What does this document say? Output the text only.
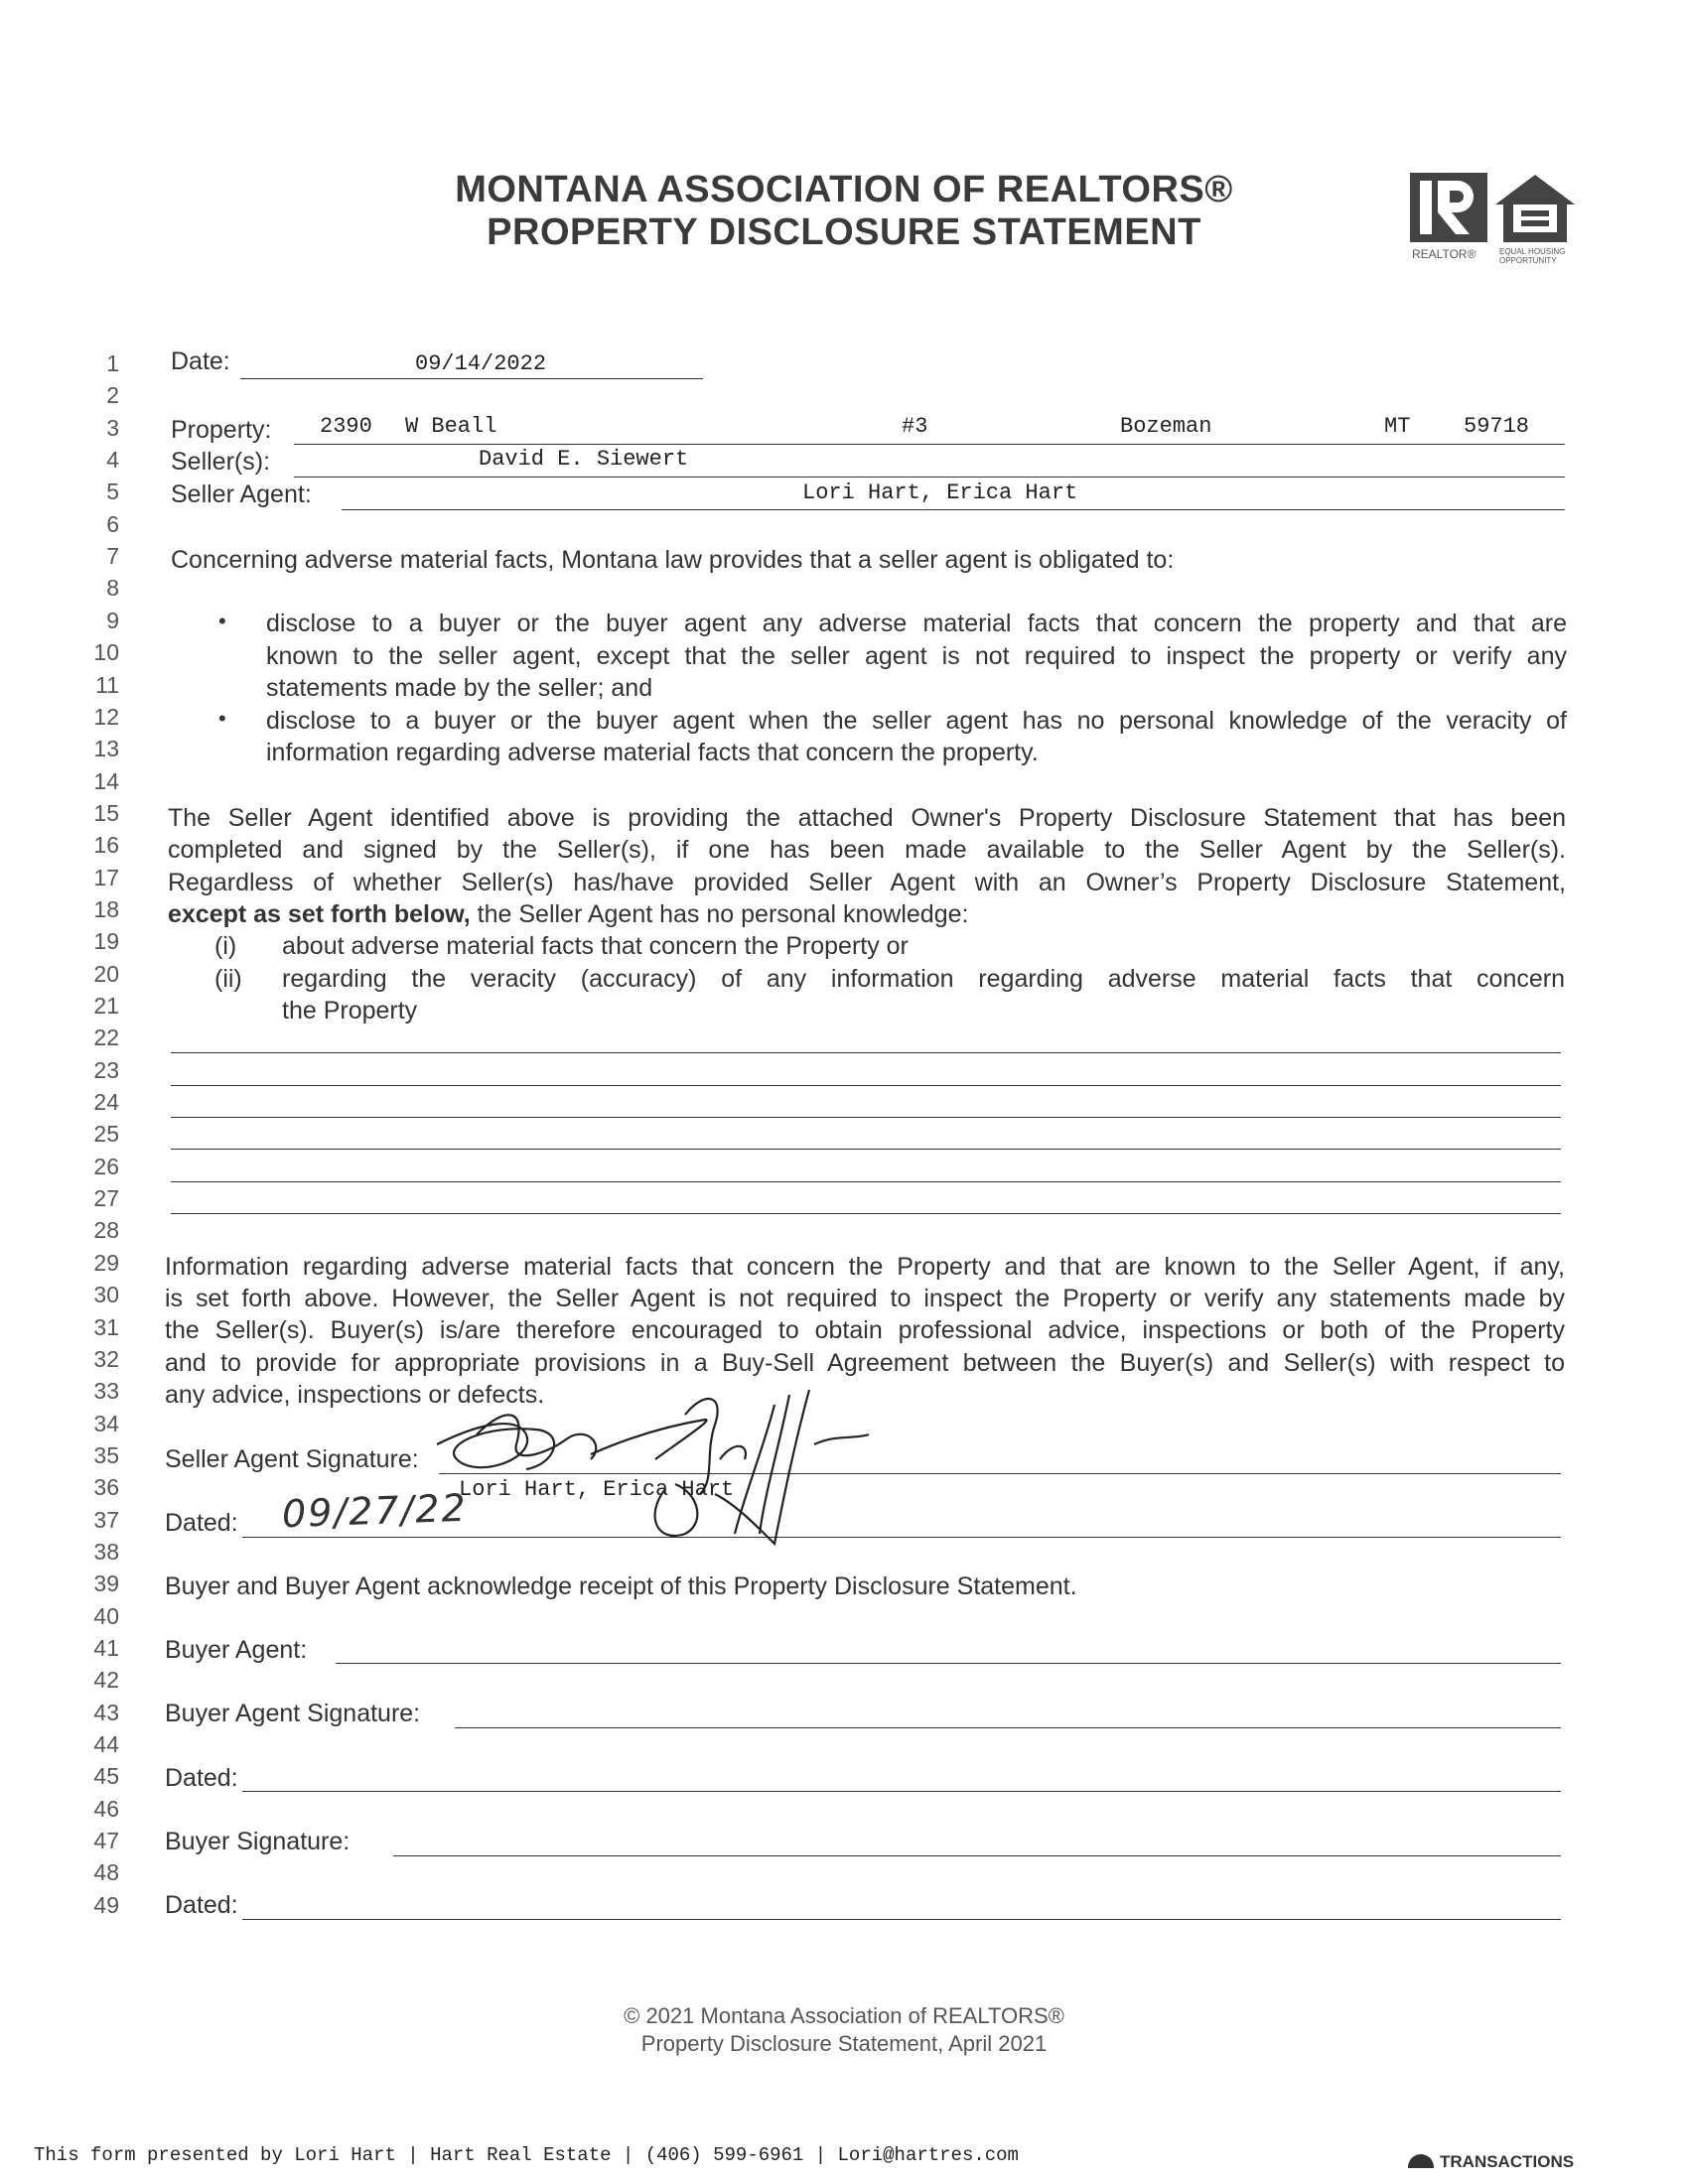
MONTANA ASSOCIATION OF REALTORS®
PROPERTY DISCLOSURE STATEMENT
REALTOR®	EQUAL HOUSING
OPPORTUNITY
1
2
3
4
5
6
7
8
9
10
11
12
13
14
15
16
17
18
19
20
21
22
23
24
25
26
27
28
29
30
31
32
33
34
35
36
37
38
39
40
41
42
43
44
45
46
47
48
49
Date:	09/14/2022
Property: 2390 W Beall	#3	Bozeman	MT 59718
Seller(s):	David E. Siewert
Seller Agent:	Lori Hart, Erica Hart
Concerning adverse material facts, Montana law provides that a seller agent is obligated to:
• disclose to a buyer or the buyer agent any adverse material facts that concern the property and that are
known to the seller agent, except that the seller agent is not required to inspect the property or verify any
statements made by the seller; and
• disclose to a buyer or the buyer agent when the seller agent has no personal knowledge of the veracity of
information regarding adverse material facts that concern the property.
The Seller Agent identified above is providing the attached Owner's Property Disclosure Statement that has been
completed and signed by the Seller(s), if one has been made available to the Seller Agent by the Seller(s).
Regardless of whether Seller(s) has/have provided Seller Agent with an Owner’s Property Disclosure Statement,
except as set forth below, the Seller Agent has no personal knowledge:
(i) about adverse material facts that concern the Property or
(ii) regarding the veracity (accuracy) of any information regarding adverse material facts that concern
the Property
Information regarding adverse material facts that concern the Property and that are known to the Seller Agent, if any,
is set forth above. However, the Seller Agent is not required to inspect the Property or verify any statements made by
the Seller(s). Buyer(s) is/are therefore encouraged to obtain professional advice, inspections or both of the Property
and to provide for appropriate provisions in a Buy-Sell Agreement between the Buyer(s) and Seller(s) with respect to
any advice, inspections or defects.
Seller Agent Signature:
Lori Hart, Erica Hart
Dated: 09/27/22
Buyer and Buyer Agent acknowledge receipt of this Property Disclosure Statement.
Buyer Agent:
Buyer Agent Signature:
Dated:
Buyer Signature:
Dated:
© 2021 Montana Association of REALTORS®
Property Disclosure Statement, April 2021
This form presented by Lori Hart | Hart Real Estate | (406) 599-6961 | Lori@hartres.com	TRANSACTIONS
